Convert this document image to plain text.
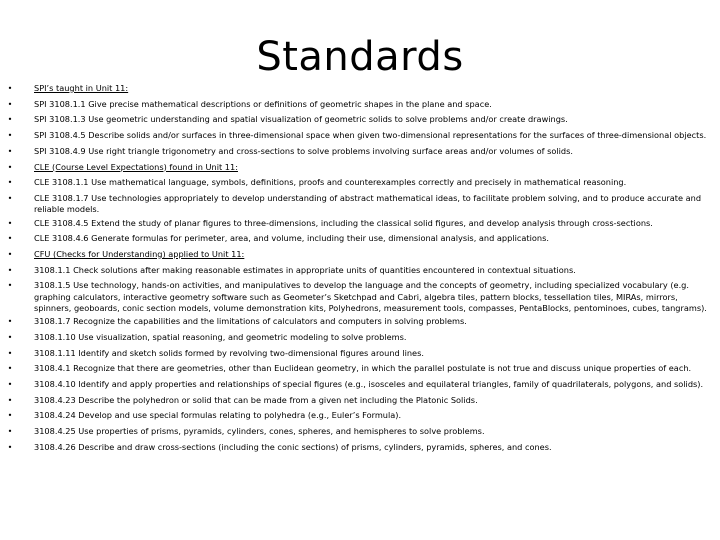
Standards
•	SPI’s taught in Unit 11:
•	SPI 3108.1.1 Give precise mathematical descriptions or definitions of geometric shapes in the plane and space.
•	SPI 3108.1.3 Use geometric understanding and spatial visualization of geometric solids to solve problems and/or create drawings.
•	SPI 3108.4.5 Describe solids and/or surfaces in three-dimensional space when given two-dimensional representations for the surfaces of three-dimensional objects.
•	SPI 3108.4.9 Use right triangle trigonometry and cross-sections to solve problems involving surface areas and/or volumes of solids.
•	CLE (Course Level Expectations) found in Unit 11:
•	CLE 3108.1.1 Use mathematical language, symbols, definitions, proofs and counterexamples correctly and precisely in mathematical reasoning.
•	CLE 3108.1.7 Use technologies appropriately to develop understanding of abstract mathematical ideas, to facilitate problem solving, and to produce accurate and reliable models.
•	CLE 3108.4.5 Extend the study of planar figures to three-dimensions, including the classical solid figures, and develop analysis through cross-sections.
•	CLE 3108.4.6 Generate formulas for perimeter, area, and volume, including their use, dimensional analysis, and applications.
•	CFU (Checks for Understanding) applied to Unit 11:
•	3108.1.1 Check solutions after making reasonable estimates in appropriate units of quantities encountered in contextual situations.
•	3108.1.5 Use technology, hands-on activities, and manipulatives to develop the language and the concepts of geometry, including specialized vocabulary (e.g. graphing calculators, interactive geometry software such as Geometer’s Sketchpad and Cabri, algebra tiles, pattern blocks, tessellation tiles, MIRAs, mirrors, spinners, geoboards, conic section models, volume demonstration kits, Polyhedrons, measurement tools, compasses, PentaBlocks, pentominoes, cubes, tangrams).
•	3108.1.7 Recognize the capabilities and the limitations of calculators and computers in solving problems.
•	3108.1.10 Use visualization, spatial reasoning, and geometric modeling to solve problems.
•	3108.1.11 Identify and sketch solids formed by revolving two-dimensional figures around lines.
•	3108.4.1 Recognize that there are geometries, other than Euclidean geometry, in which the parallel postulate is not true and discuss unique properties of each.
•	3108.4.10 Identify and apply properties and relationships of special figures (e.g., isosceles and equilateral triangles, family of quadrilaterals, polygons, and solids).
•	3108.4.23 Describe the polyhedron or solid that can be made from a given net including the Platonic Solids.
•	3108.4.24 Develop and use special formulas relating to polyhedra (e.g., Euler’s Formula).
•	3108.4.25 Use properties of prisms, pyramids, cylinders, cones, spheres, and hemispheres to solve problems.
•	3108.4.26 Describe and draw cross-sections (including the conic sections) of prisms, cylinders, pyramids, spheres, and cones.
